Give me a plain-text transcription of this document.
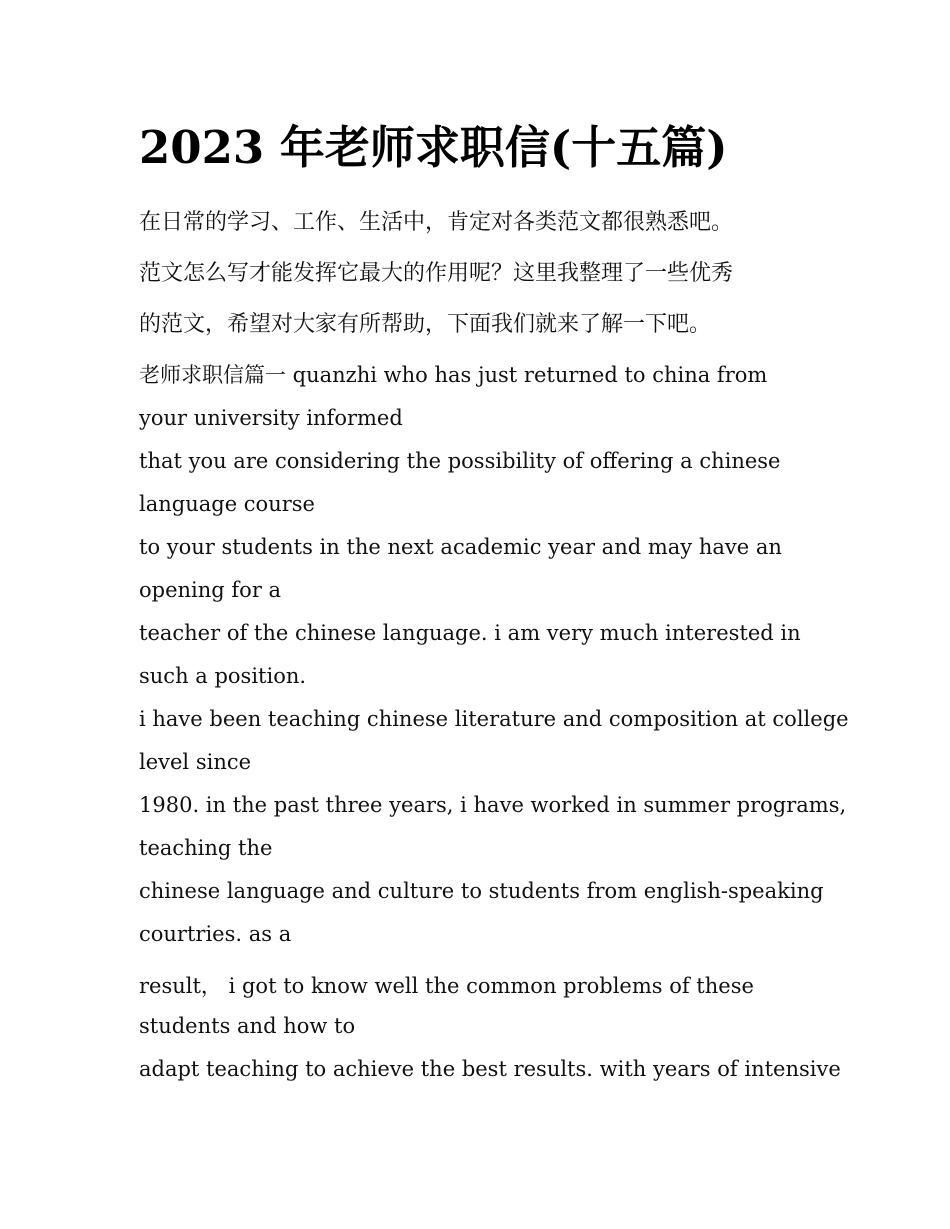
2023 年老师求职信(十五篇)
在日常的学习、工作、生活中，肯定对各类范文都很熟悉吧。
范文怎么写才能发挥它最大的作用呢？这里我整理了一些优秀
的范文，希望对大家有所帮助，下面我们就来了解一下吧。
老师求职信篇一 quanzhi who has just returned to china from
your university informed
that you are considering the possibility of offering a chinese
language course
to your students in the next academic year and may have an
opening for a
teacher of the chinese language. i am very much interested in
such a position.
i have been teaching chinese literature and composition at college
level since
1980. in the past three years, i have worked in summer programs,
teaching the
chinese language and culture to students from english-speaking
courtries. as a
result， i got to know well the common problems of these
students and how to
adapt teaching to achieve the best results. with years of intensive
